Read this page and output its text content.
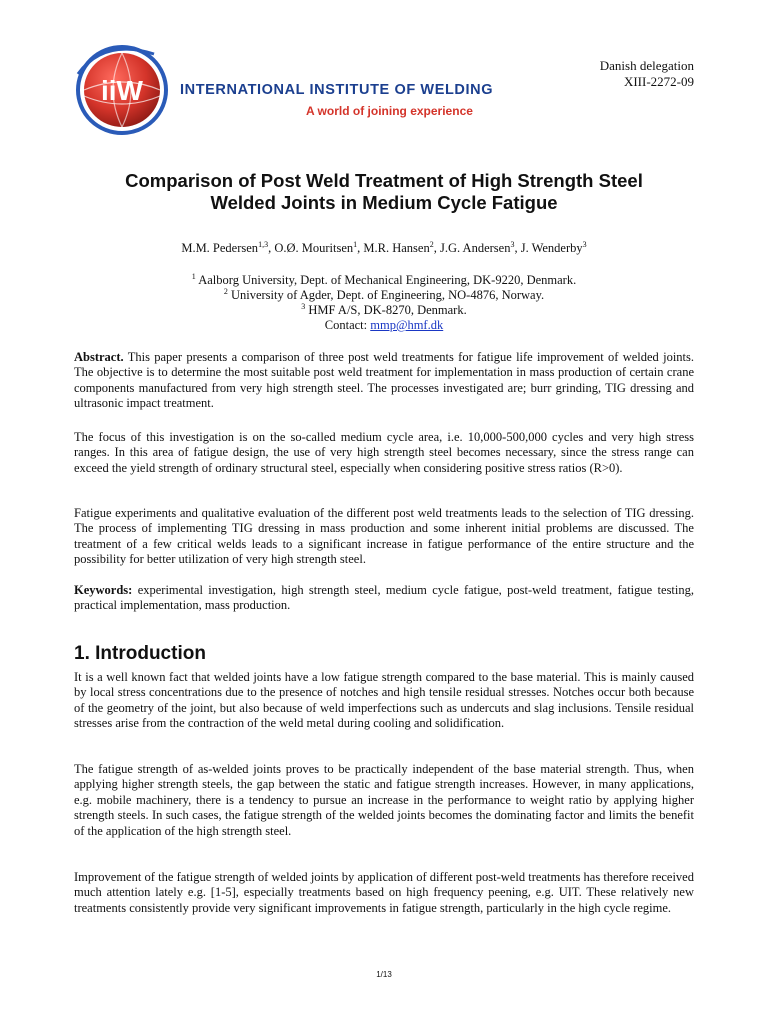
iiW	INTERNATIONAL INSTITUTE OF WELDING
A world of joining experience
Danish delegation
XIII-2272-09
Comparison of Post Weld Treatment of High Strength Steel
Welded Joints in Medium Cycle Fatigue
M.M. Pedersen$^{1,3}$, O.Ø. Mouritsen$^1$, M.R. Hansen$^2$, J.G. Andersen$^3$, J. Wenderby$^3$
$^1$ Aalborg University, Dept. of Mechanical Engineering, DK-9220, Denmark.
$^2$ University of Agder, Dept. of Engineering, NO-4876, Norway.
$^3$ HMF A/S, DK-8270, Denmark.
Contact: mmp@hmf.dk

Abstract. This paper presents a comparison of three post weld treatments for fatigue life improvement of welded joints. The objective is to determine the most suitable post weld treatment for implementation in mass production of certain crane components manufactured from very high strength steel. The processes investigated are; burr grinding, TIG dressing and ultrasonic impact treatment.

The focus of this investigation is on the so-called medium cycle area, i.e. 10,000-500,000 cycles and very high stress ranges. In this area of fatigue design, the use of very high strength steel becomes necessary, since the stress range can exceed the yield strength of ordinary structural steel, especially when considering positive stress ratios (R>0).

Fatigue experiments and qualitative evaluation of the different post weld treatments leads to the selection of TIG dressing. The process of implementing TIG dressing in mass production and some inherent initial problems are discussed. The treatment of a few critical welds leads to a significant increase in fatigue performance of the entire structure and the possibility for better utilization of very high strength steel.

Keywords: experimental investigation, high strength steel, medium cycle fatigue, post-weld treatment, fatigue testing, practical implementation, mass production.

1. Introduction

It is a well known fact that welded joints have a low fatigue strength compared to the base material. This is mainly caused by local stress concentrations due to the presence of notches and high tensile residual stresses. Notches occur both because of the geometry of the joint, but also because of weld imperfections such as undercuts and slag inclusions. Tensile residual stresses arise from the contraction of the weld metal during cooling and solidification.

The fatigue strength of as-welded joints proves to be practically independent of the base material strength. Thus, when applying higher strength steels, the gap between the static and fatigue strength increases. However, in many applications, e.g. mobile machinery, there is a tendency to pursue an increase in the performance to weight ratio by applying higher strength steels. In such cases, the fatigue strength of the welded joints becomes the dominating factor and limits the benefit of the application of the high strength steel.

Improvement of the fatigue strength of welded joints by application of different post-weld treatments has therefore received much attention lately e.g. [1-5], especially treatments based on high frequency peening, e.g. UIT. These relatively new treatments consistently provide very significant improvements in fatigue strength, particularly in the high cycle regime.

1/13
